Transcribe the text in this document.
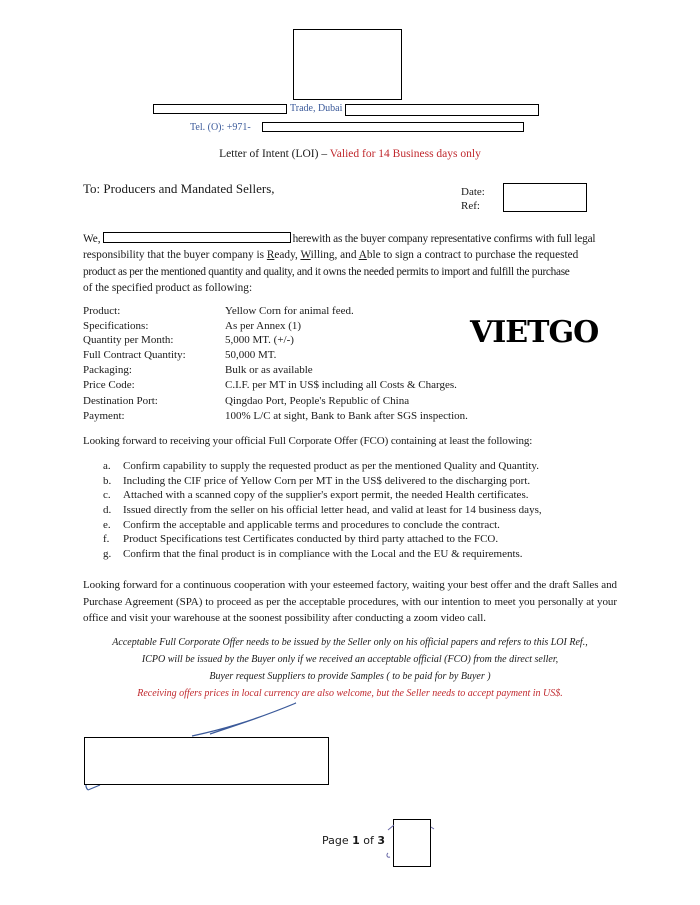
Trade, Dubai
Tel. (O): +971-
Letter of Intent (LOI) – Valied for 14 Business days only
To: Producers and Mandated Sellers,	Date:
Ref:
We,	herewith as the buyer company representative confirms with full legal
responsibility that the buyer company is Ready, Willing, and Able to sign a contract to purchase the requested
product as per the mentioned quantity and quality, and it owns the needed permits to import and fulfill the purchase
of the specified product as following:
Product:	Yellow Corn for animal feed.
Specifications:	As per Annex (1)
Quantity per Month:	5,000 MT. (+/-)
Full Contract Quantity:	50,000 MT.
Packaging:	Bulk or as available
Price Code:	C.I.F. per MT in US$ including all Costs & Charges.
Destination Port:	Qingdao Port, People's Republic of China
Payment:	100% L/C at sight, Bank to Bank after SGS inspection.
VIETGO
Looking forward to receiving your official Full Corporate Offer (FCO) containing at least the following:
a. Confirm capability to supply the requested product as per the mentioned Quality and Quantity.
b. Including the CIF price of Yellow Corn per MT in the US$ delivered to the discharging port.
c. Attached with a scanned copy of the supplier's export permit, the needed Health certificates.
d. Issued directly from the seller on his official letter head, and valid at least for 14 business days,
e. Confirm the acceptable and applicable terms and procedures to conclude the contract.
f. Product Specifications test Certificates conducted by third party attached to the FCO.
g. Confirm that the final product is in compliance with the Local and the EU & requirements.
Looking forward for a continuous cooperation with your esteemed factory, waiting your best offer and the draft Salles and Purchase Agreement (SPA) to proceed as per the acceptable procedures, with our intention to meet you personally at your office and visit your warehouse at the soonest possibility after conducting a zoom video call.
Acceptable Full Corporate Offer needs to be issued by the Seller only on his official papers and refers to this LOI Ref.,
ICPO will be issued by the Buyer only if we received an acceptable official (FCO) from the direct seller,
Buyer request Suppliers to provide Samples ( to be paid for by Buyer )
Receiving offers prices in local currency are also welcome, but the Seller needs to accept payment in US$.
Page 1 of 3
